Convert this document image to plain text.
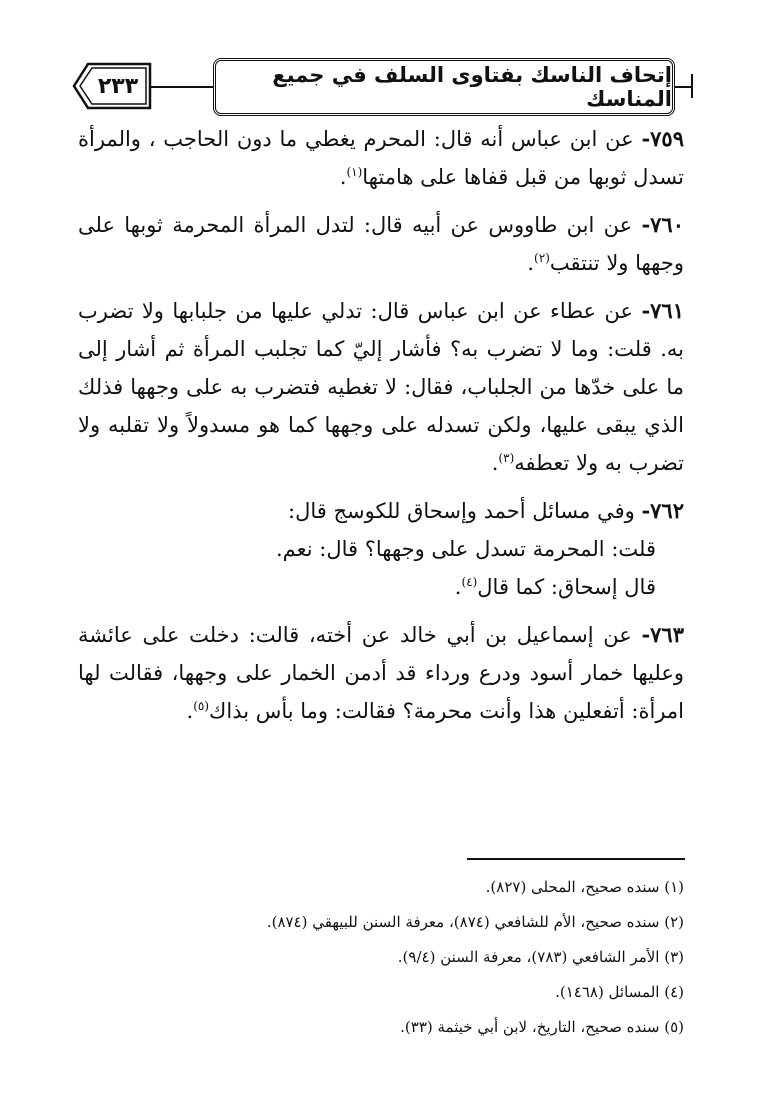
٢٣٣	إتحاف الناسك بفتاوى السلف في جميع المناسك

٧٥٩- عن ابن عباس أنه قال: المحرم يغطي ما دون الحاجب ، والمرأة تسدل ثوبها من قبل قفاها على هامتها$^{(١)}$.

٧٦٠- عن ابن طاووس عن أبيه قال: لتدل المرأة المحرمة ثوبها على وجهها ولا تنتقب$^{(٢)}$.

٧٦١- عن عطاء عن ابن عباس قال: تدلي عليها من جلبابها ولا تضرب به. قلت: وما لا تضرب به؟ فأشار إليّ كما تجلبب المرأة ثم أشار إلى ما على خدّها من الجلباب، فقال: لا تغطيه فتضرب به على وجهها فذلك الذي يبقى عليها، ولكن تسدله على وجهها كما هو مسدولاً ولا تقلبه ولا تضرب به ولا تعطفه$^{(٣)}$.

٧٦٢- وفي مسائل أحمد وإسحاق للكوسج قال:

قلت: المحرمة تسدل على وجهها؟ قال: نعم.

قال إسحاق: كما قال$^{(٤)}$.

٧٦٣- عن إسماعيل بن أبي خالد عن أخته، قالت: دخلت على عائشة وعليها خمار أسود ودرع ورداء قد أدمن الخمار على وجهها، فقالت لها امرأة: أتفعلين هذا وأنت محرمة؟ فقالت: وما بأس بذاك$^{(٥)}$.

(١) سنده صحيح، المحلى (٨٢٧).

(٢) سنده صحيح، الأم للشافعي (٨٧٤)، معرفة السنن للبيهقي (٨٧٤).

(٣) الأمر الشافعي (٧٨٣)، معرفة السنن (٩/٤).

(٤) المسائل (١٤٦٨).

(٥) سنده صحيح، التاريخ، لابن أبي خيثمة (٣٣).
